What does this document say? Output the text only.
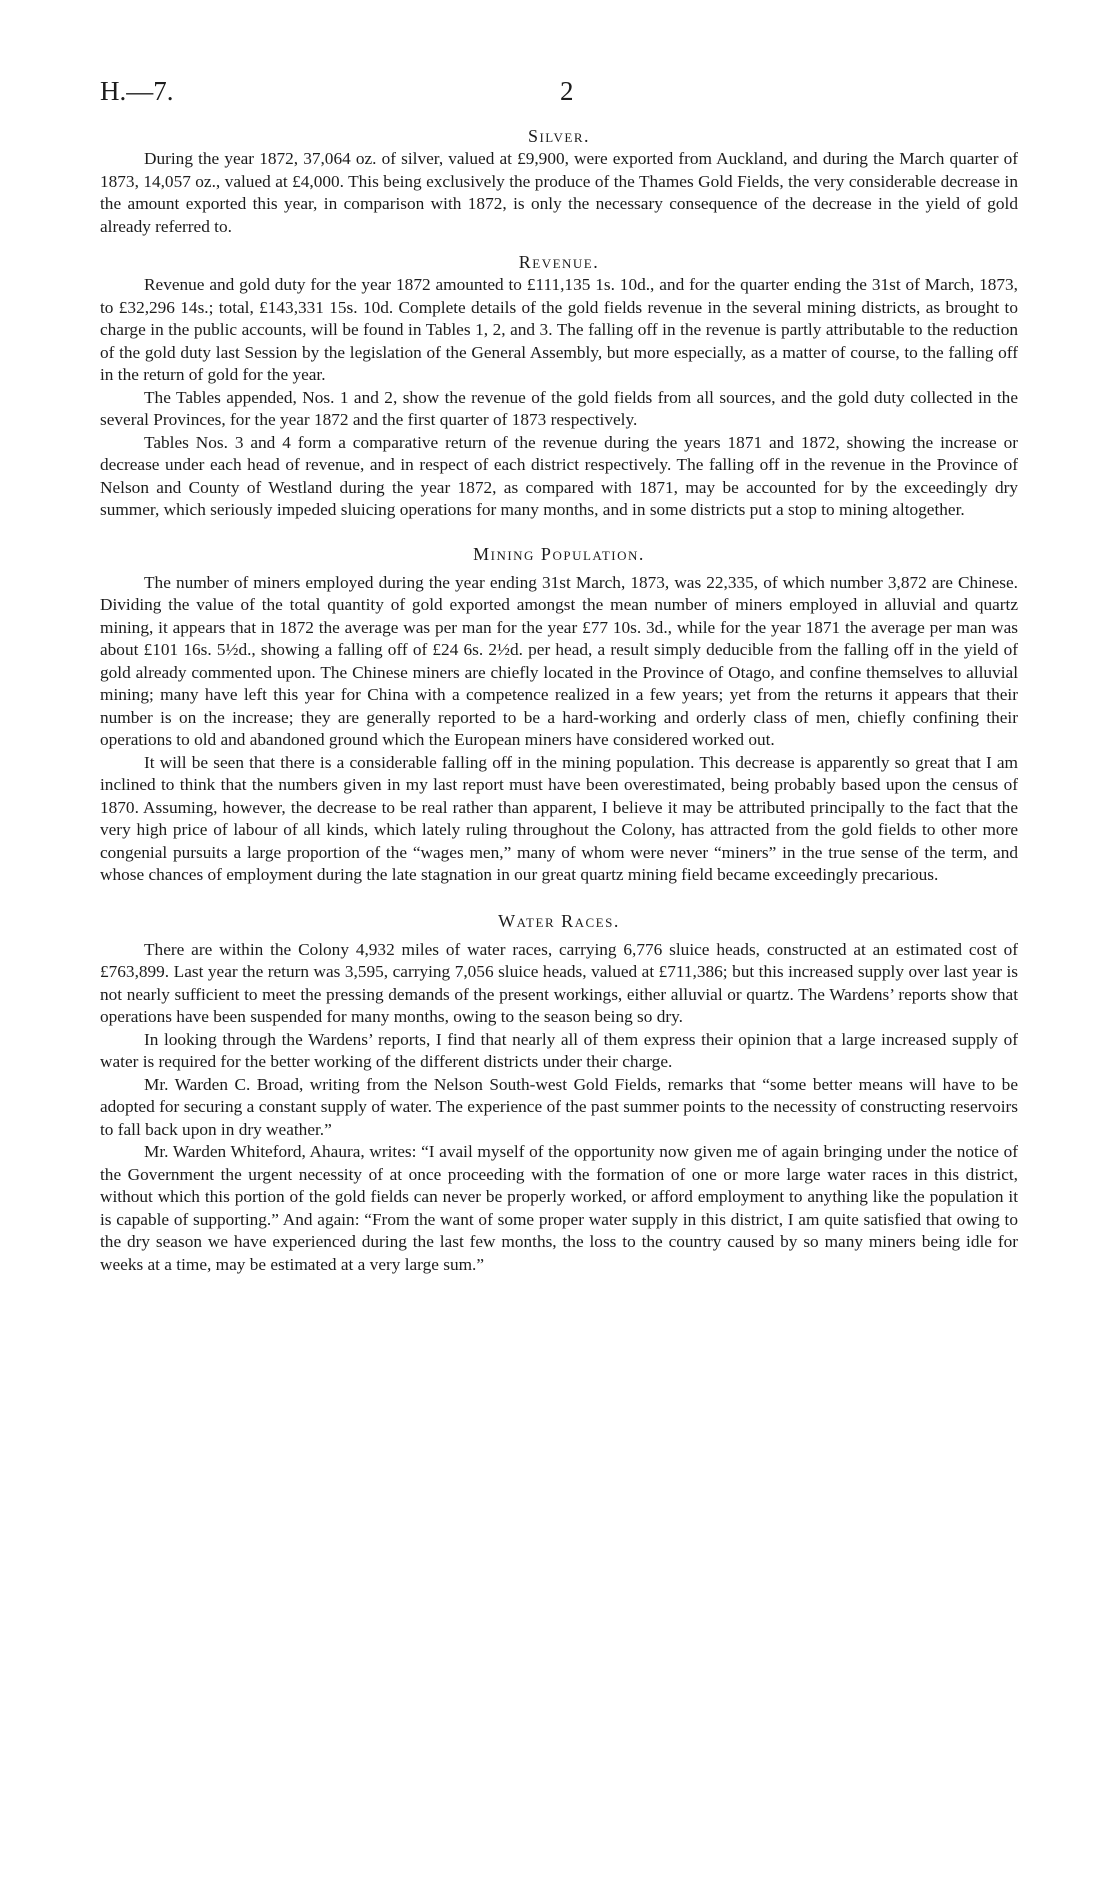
H.—7.	2
Silver.

During the year 1872, 37,064 oz. of silver, valued at £9,900, were exported from Auckland, and during the March quarter of 1873, 14,057 oz., valued at £4,000. This being exclusively the produce of the Thames Gold Fields, the very considerable decrease in the amount exported this year, in comparison with 1872, is only the necessary consequence of the decrease in the yield of gold already referred to.

Revenue.

Revenue and gold duty for the year 1872 amounted to £111,135 1s. 10d., and for the quarter ending the 31st of March, 1873, to £32,296 14s.; total, £143,331 15s. 10d. Complete details of the gold fields revenue in the several mining districts, as brought to charge in the public accounts, will be found in Tables 1, 2, and 3. The falling off in the revenue is partly attributable to the reduction of the gold duty last Session by the legislation of the General Assembly, but more especially, as a matter of course, to the falling off in the return of gold for the year.

The Tables appended, Nos. 1 and 2, show the revenue of the gold fields from all sources, and the gold duty collected in the several Provinces, for the year 1872 and the first quarter of 1873 respectively.

Tables Nos. 3 and 4 form a comparative return of the revenue during the years 1871 and 1872, showing the increase or decrease under each head of revenue, and in respect of each district respectively. The falling off in the revenue in the Province of Nelson and County of Westland during the year 1872, as compared with 1871, may be accounted for by the exceedingly dry summer, which seriously impeded sluicing operations for many months, and in some districts put a stop to mining altogether.

Mining Population.

The number of miners employed during the year ending 31st March, 1873, was 22,335, of which number 3,872 are Chinese. Dividing the value of the total quantity of gold exported amongst the mean number of miners employed in alluvial and quartz mining, it appears that in 1872 the average was per man for the year £77 10s. 3d., while for the year 1871 the average per man was about £101 16s. 5½d., showing a falling off of £24 6s. 2½d. per head, a result simply deducible from the falling off in the yield of gold already commented upon. The Chinese miners are chiefly located in the Province of Otago, and confine themselves to alluvial mining; many have left this year for China with a competence realized in a few years; yet from the returns it appears that their number is on the increase; they are generally reported to be a hard-working and orderly class of men, chiefly confining their operations to old and abandoned ground which the European miners have considered worked out.

It will be seen that there is a considerable falling off in the mining population. This decrease is apparently so great that I am inclined to think that the numbers given in my last report must have been overestimated, being probably based upon the census of 1870. Assuming, however, the decrease to be real rather than apparent, I believe it may be attributed principally to the fact that the very high price of labour of all kinds, which lately ruling throughout the Colony, has attracted from the gold fields to other more congenial pursuits a large proportion of the “wages men,” many of whom were never “miners” in the true sense of the term, and whose chances of employment during the late stagnation in our great quartz mining field became exceedingly precarious.

Water Races.

There are within the Colony 4,932 miles of water races, carrying 6,776 sluice heads, constructed at an estimated cost of £763,899. Last year the return was 3,595, carrying 7,056 sluice heads, valued at £711,386; but this increased supply over last year is not nearly sufficient to meet the pressing demands of the present workings, either alluvial or quartz. The Wardens’ reports show that operations have been suspended for many months, owing to the season being so dry.

In looking through the Wardens’ reports, I find that nearly all of them express their opinion that a large increased supply of water is required for the better working of the different districts under their charge.

Mr. Warden C. Broad, writing from the Nelson South-west Gold Fields, remarks that “some better means will have to be adopted for securing a constant supply of water. The experience of the past summer points to the necessity of constructing reservoirs to fall back upon in dry weather.”

Mr. Warden Whiteford, Ahaura, writes: “I avail myself of the opportunity now given me of again bringing under the notice of the Government the urgent necessity of at once proceeding with the formation of one or more large water races in this district, without which this portion of the gold fields can never be properly worked, or afford employment to anything like the population it is capable of supporting.” And again: “From the want of some proper water supply in this district, I am quite satisfied that owing to the dry season we have experienced during the last few months, the loss to the country caused by so many miners being idle for weeks at a time, may be estimated at a very large sum.”
